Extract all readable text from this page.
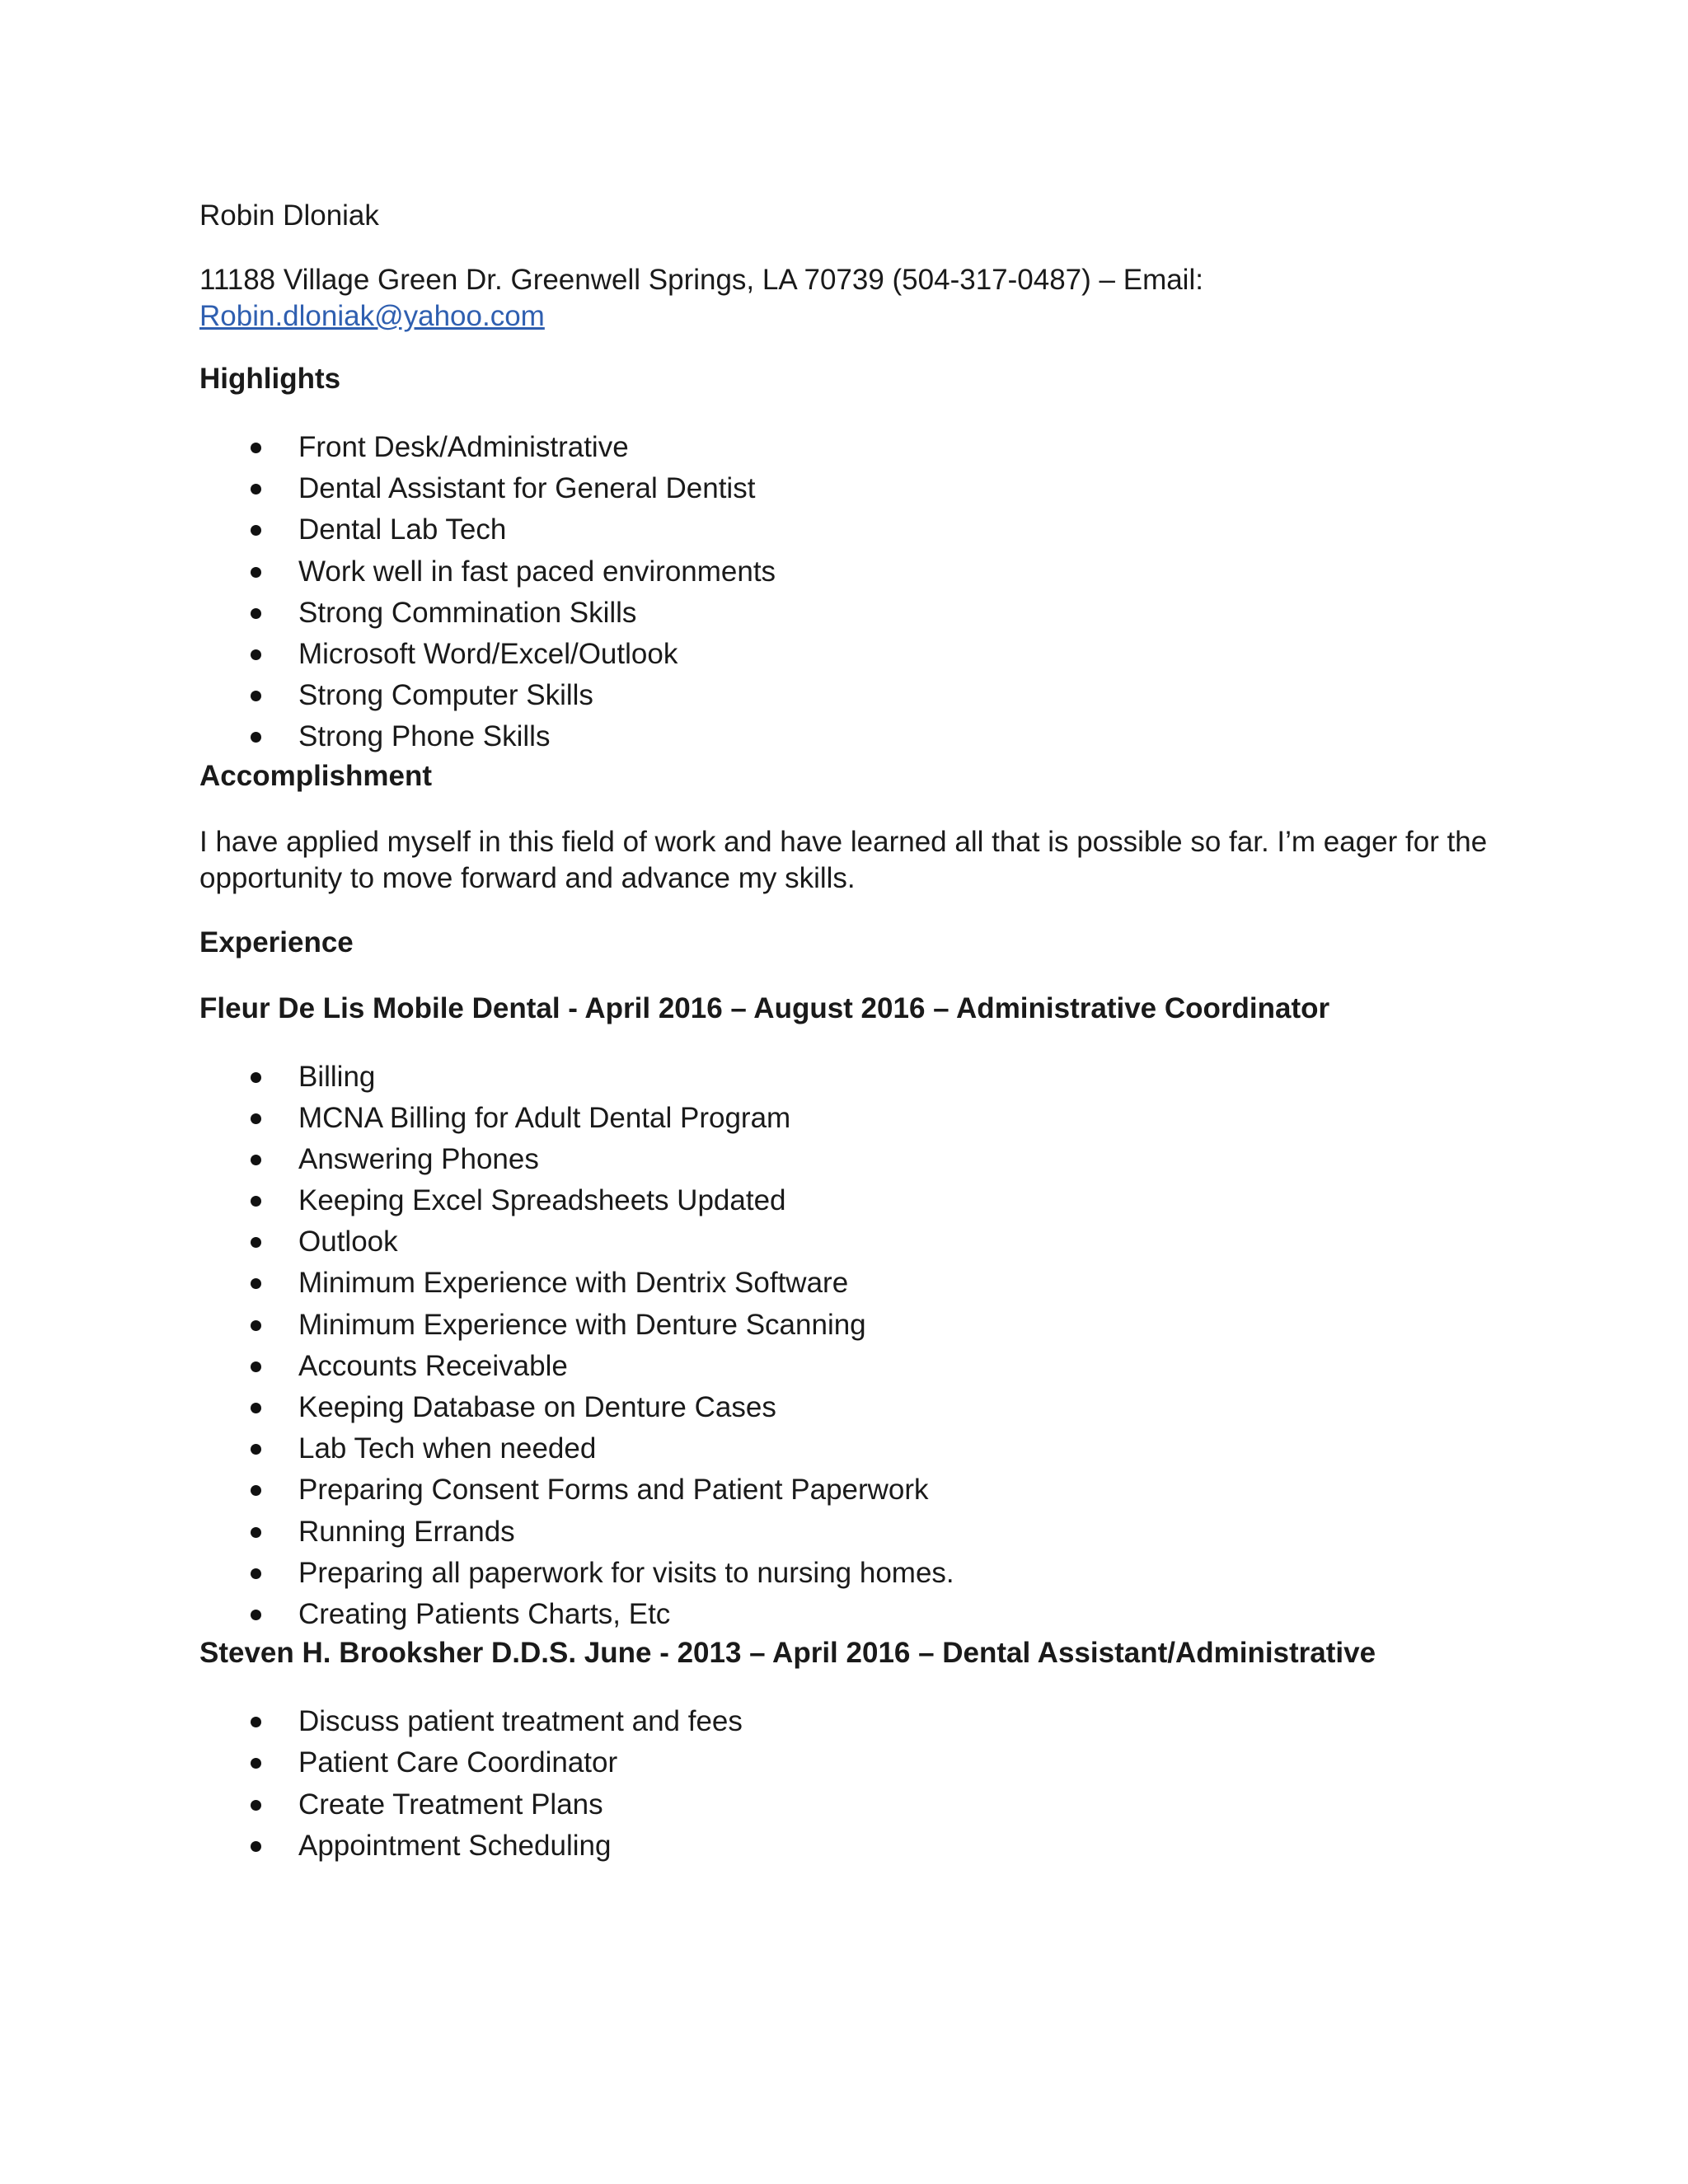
Robin Dloniak

11188 Village Green Dr. Greenwell Springs, LA 70739 (504-317-0487) – Email:

Robin.dloniak@yahoo.com

Highlights

Front Desk/Administrative
Dental Assistant for General Dentist
Dental Lab Tech
Work well in fast paced environments
Strong Commination Skills
Microsoft Word/Excel/Outlook
Strong Computer Skills
Strong Phone Skills

Accomplishment

I have applied myself in this field of work and have learned all that is possible so far. I’m eager for the opportunity to move forward and advance my skills.

Experience

Fleur De Lis Mobile Dental - April 2016 – August 2016 – Administrative Coordinator

Billing
MCNA Billing for Adult Dental Program
Answering Phones
Keeping Excel Spreadsheets Updated
Outlook
Minimum Experience with Dentrix Software
Minimum Experience with Denture Scanning
Accounts Receivable
Keeping Database on Denture Cases
Lab Tech when needed
Preparing Consent Forms and Patient Paperwork
Running Errands
Preparing all paperwork for visits to nursing homes.
Creating Patients Charts, Etc

Steven H. Brooksher D.D.S. June - 2013 – April 2016 – Dental Assistant/Administrative

Discuss patient treatment and fees
Patient Care Coordinator
Create Treatment Plans
Appointment Scheduling
